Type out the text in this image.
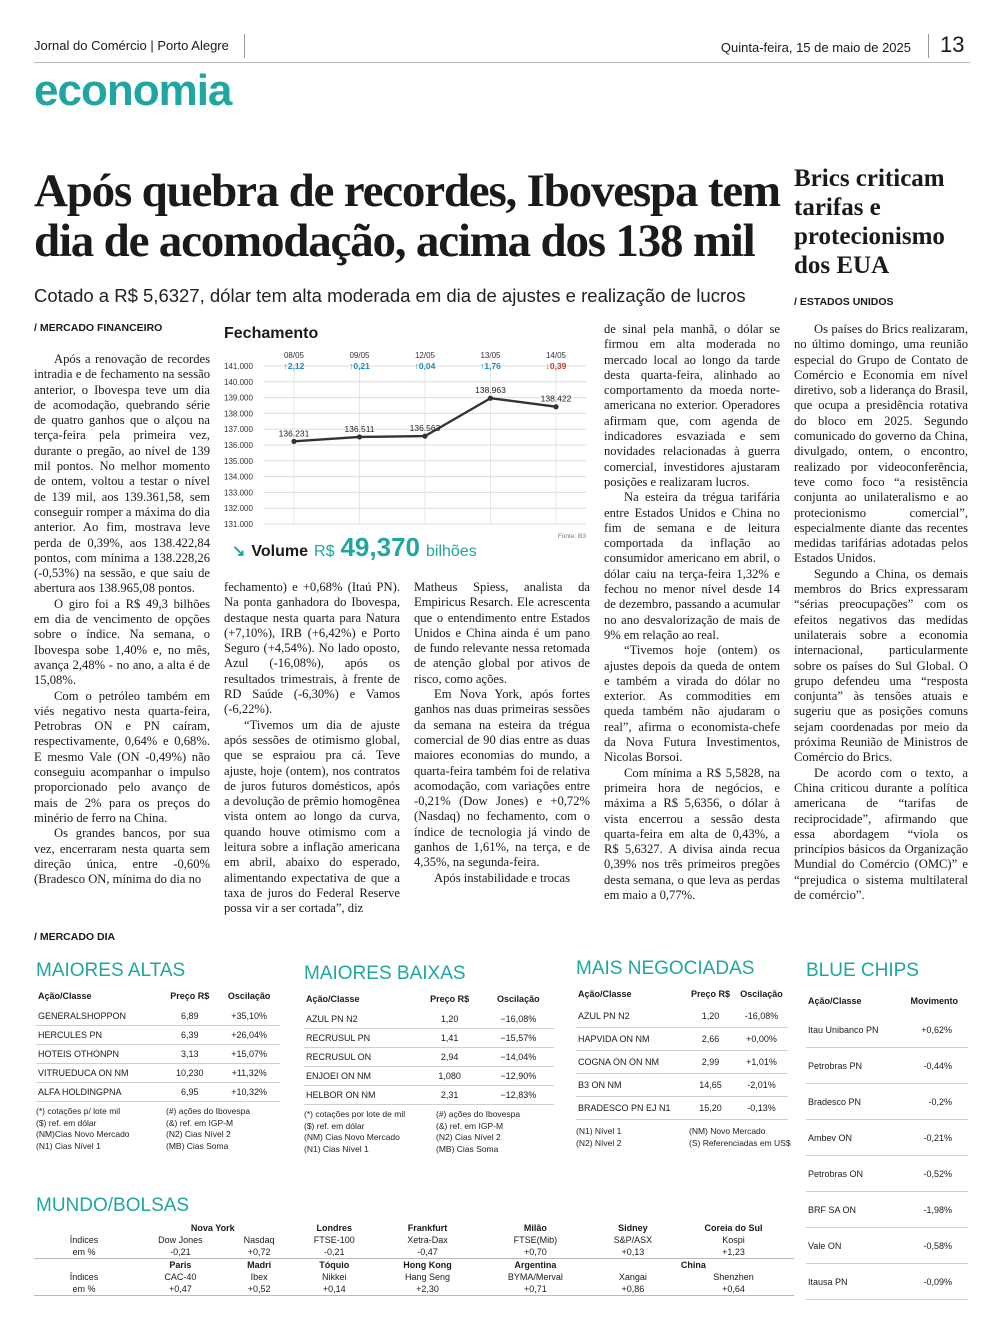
Jornal do Comércio | Porto Alegre	Quinta-feira, 15 de maio de 2025 13
economia
Após quebra de recordes, Ibovespa tem dia de acomodação, acima dos 138 mil
Cotado a R$ 5,6327, dólar tem alta moderada em dia de ajustes e realização de lucros
/ MERCADO FINANCEIRO

Após a renovação de recordes intradia e de fechamento na sessão anterior, o Ibovespa teve um dia de acomodação, quebrando série de quatro ganhos que o alçou na terça-feira pela primeira vez, durante o pregão, ao nível de 139 mil pontos. No melhor momento de ontem, voltou a testar o nível de 139 mil, aos 139.361,58, sem conseguir romper a máxima do dia anterior. Ao fim, mostrava leve perda de 0,39%, aos 138.422,84 pontos, com mínima a 138.228,26 (-0,53%) na sessão, e que saiu de abertura aos 138.965,08 pontos.

O giro foi a R$ 49,3 bilhões em dia de vencimento de opções sobre o índice. Na semana, o Ibovespa sobe 1,40% e, no mês, avança 2,48% - no ano, a alta é de 15,08%.

Com o petróleo também em viés negativo nesta quarta-feira, Petrobras ON e PN caíram, respectivamente, 0,64% e 0,68%. E mesmo Vale (ON -0,49%) não conseguiu acompanhar o impulso proporcionado pelo avanço de mais de 2% para os preços do minério de ferro na China.

Os grandes bancos, por sua vez, encerraram nesta quarta sem direção única, entre -0,60% (Bradesco ON, mínima do dia no

Fechamento
141.000
140.000
139.000
138.000
137.000
136.000
135.000
134.000
133.000
132.000
131.000
08/05
↑2,12
09/05
↑0,21
12/05
↑0,04
13/05
↑1,76
14/05
↓0,39
136.231	136.511	136.563
138.963
138.422
Fonte: B3
↘ Volume R$ 49,370 bilhões

fechamento) e +0,68% (Itaú PN). Na ponta ganhadora do Ibovespa, destaque nesta quarta para Natura (+7,10%), IRB (+6,42%) e Porto Seguro (+4,54%). No lado oposto, Azul (-16,08%), após os resultados trimestrais, à frente de RD Saúde (-6,30%) e Vamos (-6,22%).

“Tivemos um dia de ajuste após sessões de otimismo global, que se espraiou pra cá. Teve ajuste, hoje (ontem), nos contratos de juros futuros domésticos, após a devolução de prêmio homogênea vista ontem ao longo da curva, quando houve otimismo com a leitura sobre a inflação americana em abril, abaixo do esperado, alimentando expectativa de que a taxa de juros do Federal Reserve possa vir a ser cortada”, diz

Matheus Spiess, analista da Empiricus Resarch. Ele acrescenta que o entendimento entre Estados Unidos e China ainda é um pano de fundo relevante nessa retomada de atenção global por ativos de risco, como ações.

Em Nova York, após fortes ganhos nas duas primeiras sessões da semana na esteira da trégua comercial de 90 dias entre as duas maiores economias do mundo, a quarta-feira também foi de relativa acomodação, com variações entre -0,21% (Dow Jones) e +0,72% (Nasdaq) no fechamento, com o índice de tecnologia já vindo de ganhos de 1,61%, na terça, e de 4,35%, na segunda-feira.

Após instabilidade e trocas

de sinal pela manhã, o dólar se firmou em alta moderada no mercado local ao longo da tarde desta quarta-feira, alinhado ao comportamento da moeda norte-americana no exterior. Operadores afirmam que, com agenda de indicadores esvaziada e sem novidades relacionadas à guerra comercial, investidores ajustaram posições e realizaram lucros.

Na esteira da trégua tarifária entre Estados Unidos e China no fim de semana e de leitura comportada da inflação ao consumidor americano em abril, o dólar caiu na terça-feira 1,32% e fechou no menor nível desde 14 de dezembro, passando a acumular no ano desvalorização de mais de 9% em relação ao real.

“Tivemos hoje (ontem) os ajustes depois da queda de ontem e também a virada do dólar no exterior. As commodities em queda também não ajudaram o real”, afirma o economista-chefe da Nova Futura Investimentos, Nicolas Borsoi.

Com mínima a R$ 5,5828, na primeira hora de negócios, e máxima a R$ 5,6356, o dólar à vista encerrou a sessão desta quarta-feira em alta de 0,43%, a R$ 5,6327. A divisa ainda recua 0,39% nos três primeiros pregões desta semana, o que leva as perdas em maio a 0,77%.

Brics criticam tarifas e protecionismo dos EUA
/ ESTADOS UNIDOS

Os países do Brics realizaram, no último domingo, uma reunião especial do Grupo de Contato de Comércio e Economia em nível diretivo, sob a liderança do Brasil, que ocupa a presidência rotativa do bloco em 2025. Segundo comunicado do governo da China, divulgado, ontem, o encontro, realizado por videoconferência, teve como foco “a resistência conjunta ao unilateralismo e ao protecionismo comercial”, especialmente diante das recentes medidas tarifárias adotadas pelos Estados Unidos.

Segundo a China, os demais membros do Brics expressaram “sérias preocupações” com os efeitos negativos das medidas unilaterais sobre a economia internacional, particularmente sobre os países do Sul Global. O grupo defendeu uma “resposta conjunta” às tensões atuais e sugeriu que as posições comuns sejam coordenadas por meio da próxima Reunião de Ministros de Comércio do Brics.

De acordo com o texto, a China criticou durante a política americana de “tarifas de reciprocidade”, afirmando que essa abordagem “viola os princípios básicos da Organização Mundial do Comércio (OMC)” e “prejudica o sistema multilateral de comércio”.

/ MERCADO DIA
MAIORES ALTAS
Ação/Classe	Preço R$	Oscilação
GENERALSHOPPON	6,89	+35,10%
HERCULES PN	6,39	+26,04%
HOTEIS OTHONPN	3,13	+15,07%
VITRUEDUCA ON NM	10,230	+11,32%
ALFA HOLDINGPNA	6,95	+10,32%
(*) cotações p/ lote mil	(#) ações do Ibovespa
($) ref. em dólar	(&) ref. em IGP-M
(NM)Cias Novo Mercado	(N2) Cias Nível 2
(N1) Cias Nível 1	(MB) Cias Soma
MAIORES BAIXAS
Ação/Classe	Preço R$	Oscilação
AZUL PN N2	1,20	−16,08%
RECRUSUL PN	1,41	−15,57%
RECRUSUL ON	2,94	−14,04%
ENJOEI ON NM	1,080	−12,90%
HELBOR ON NM	2,31	−12,83%
(*) cotações por lote de mil	(#) ações do Ibovespa
($) ref. em dólar	(&) ref. em IGP-M
(NM) Cias Novo Mercado	(N2) Cias Nível 2
(N1) Cias Nível 1	(MB) Cias Soma
MAIS NEGOCIADAS
Ação/Classe	Preço R$	Oscilação
AZUL PN N2	1,20	-16,08%
HAPVIDA ON NM	2,66	+0,00%
COGNA ON ON NM	2,99	+1,01%
B3 ON NM	14,65	-2,01%
BRADESCO PN EJ N1	15,20	-0,13%
(N1) Nível 1	(NM) Novo Mercado
(N2) Nível 2	(S) Referenciadas em US$
BLUE CHIPS
Ação/Classe	Movimento
Itau Unibanco PN	+0,62%
Petrobras PN	-0,44%
Bradesco PN	-0,2%
Ambev ON	-0,21%
Petrobras ON	-0,52%
BRF SA ON	-1,98%
Vale ON	-0,58%
Itausa PN	-0,09%
MUNDO/BOLSAS
	Nova York		Londres	Frankfurt	Milão	Sidney	Coreia do Sul
Índices	Dow Jones	Nasdaq	FTSE-100	Xetra-Dax	FTSE(Mib)	S&P/ASX	Kospi
em %	-0,21	+0,72	-0,21	-0,47	+0,70	+0,13	+1,23
	Paris	Madri	Tóquio	Hong Kong	Argentina	China	
Índices	CAC-40	Ibex	Nikkei	Hang Seng	BYMA/Merval	Xangai	Shenzhen
em %	+0,47	+0,52	+0,14	+2,30	+0,71	+0,86	+0,64
